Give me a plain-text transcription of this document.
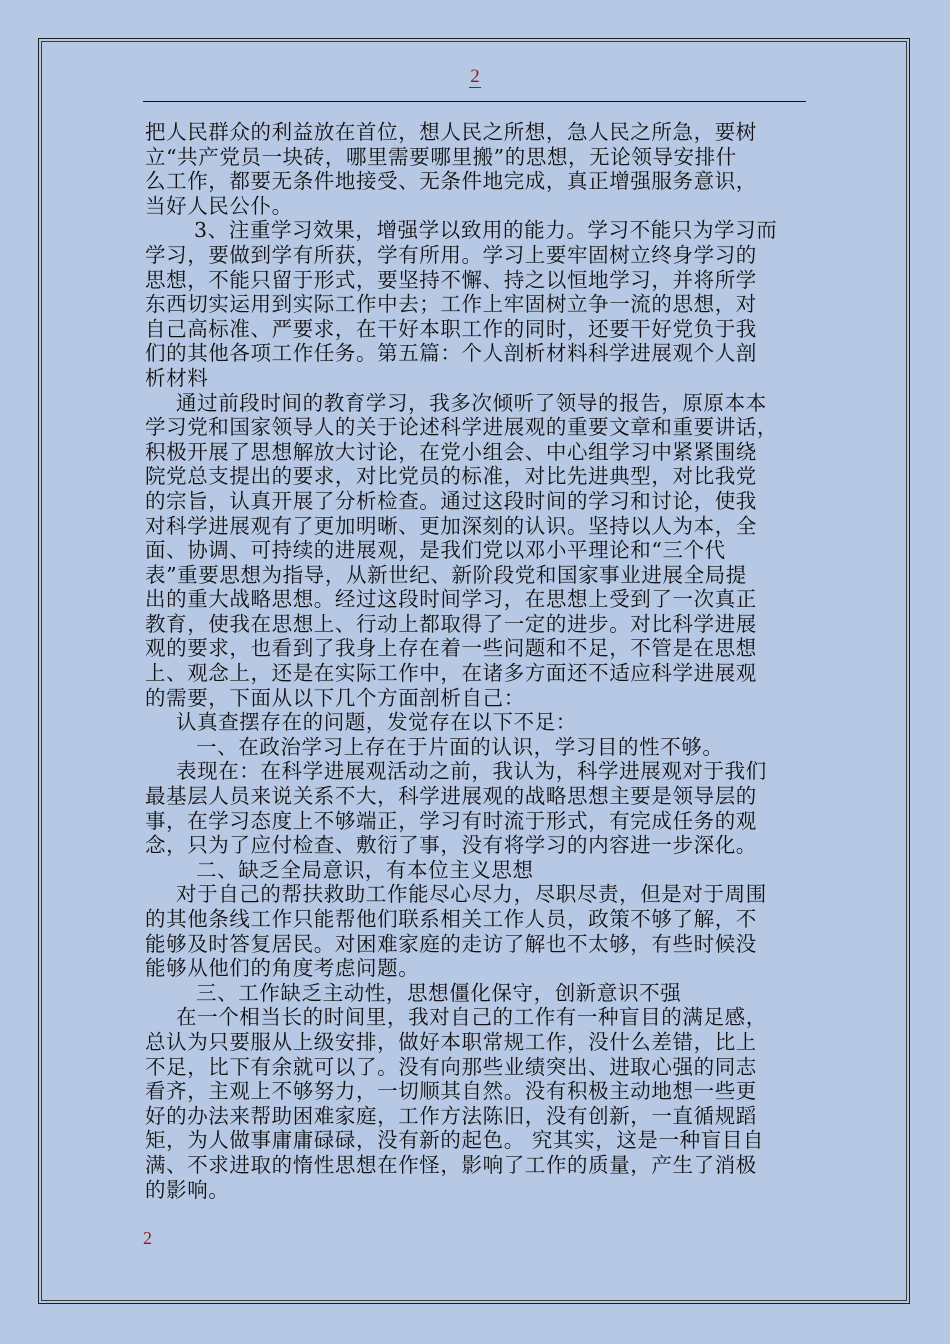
2

把人民群众的利益放在首位，想人民之所想，急人民之所急，要树

立“共产党员一块砖，哪里需要哪里搬”的思想，无论领导安排什

么工作，都要无条件地接受、无条件地完成，真正增强服务意识，

当好人民公仆。

3、注重学习效果，增强学以致用的能力。学习不能只为学习而

学习，要做到学有所获，学有所用。学习上要牢固树立终身学习的

思想，不能只留于形式，要坚持不懈、持之以恒地学习，并将所学

东西切实运用到实际工作中去；工作上牢固树立争一流的思想，对

自己高标准、严要求，在干好本职工作的同时，还要干好党负于我

们的其他各项工作任务。第五篇：个人剖析材料科学进展观个人剖

析材料

通过前段时间的教育学习，我多次倾听了领导的报告，原原本本

学习党和国家领导人的关于论述科学进展观的重要文章和重要讲话，

积极开展了思想解放大讨论，在党小组会、中心组学习中紧紧围绕

院党总支提出的要求，对比党员的标准，对比先进典型，对比我党

的宗旨，认真开展了分析检查。通过这段时间的学习和讨论，使我

对科学进展观有了更加明晰、更加深刻的认识。坚持以人为本，全

面、协调、可持续的进展观，是我们党以邓小平理论和“三个代

表”重要思想为指导，从新世纪、新阶段党和国家事业进展全局提

出的重大战略思想。经过这段时间学习，在思想上受到了一次真正

教育，使我在思想上、行动上都取得了一定的进步。对比科学进展

观的要求，也看到了我身上存在着一些问题和不足，不管是在思想

上、观念上，还是在实际工作中，在诸多方面还不适应科学进展观

的需要，下面从以下几个方面剖析自己：

认真查摆存在的问题，发觉存在以下不足：

一、在政治学习上存在于片面的认识，学习目的性不够。

表现在：在科学进展观活动之前，我认为，科学进展观对于我们

最基层人员来说关系不大，科学进展观的战略思想主要是领导层的

事，在学习态度上不够端正，学习有时流于形式，有完成任务的观

念，只为了应付检查、敷衍了事，没有将学习的内容进一步深化。

二、缺乏全局意识，有本位主义思想

对于自己的帮扶救助工作能尽心尽力，尽职尽责，但是对于周围

的其他条线工作只能帮他们联系相关工作人员，政策不够了解，不

能够及时答复居民。对困难家庭的走访了解也不太够，有些时候没

能够从他们的角度考虑问题。

三、工作缺乏主动性，思想僵化保守，创新意识不强

在一个相当长的时间里，我对自己的工作有一种盲目的满足感，

总认为只要服从上级安排，做好本职常规工作，没什么差错，比上

不足，比下有余就可以了。没有向那些业绩突出、进取心强的同志

看齐，主观上不够努力，一切顺其自然。没有积极主动地想一些更

好的办法来帮助困难家庭，工作方法陈旧，没有创新，一直循规蹈

矩，为人做事庸庸碌碌，没有新的起色。 究其实，这是一种盲目自

满、不求进取的惰性思想在作怪，影响了工作的质量，产生了消极

的影响。

2
